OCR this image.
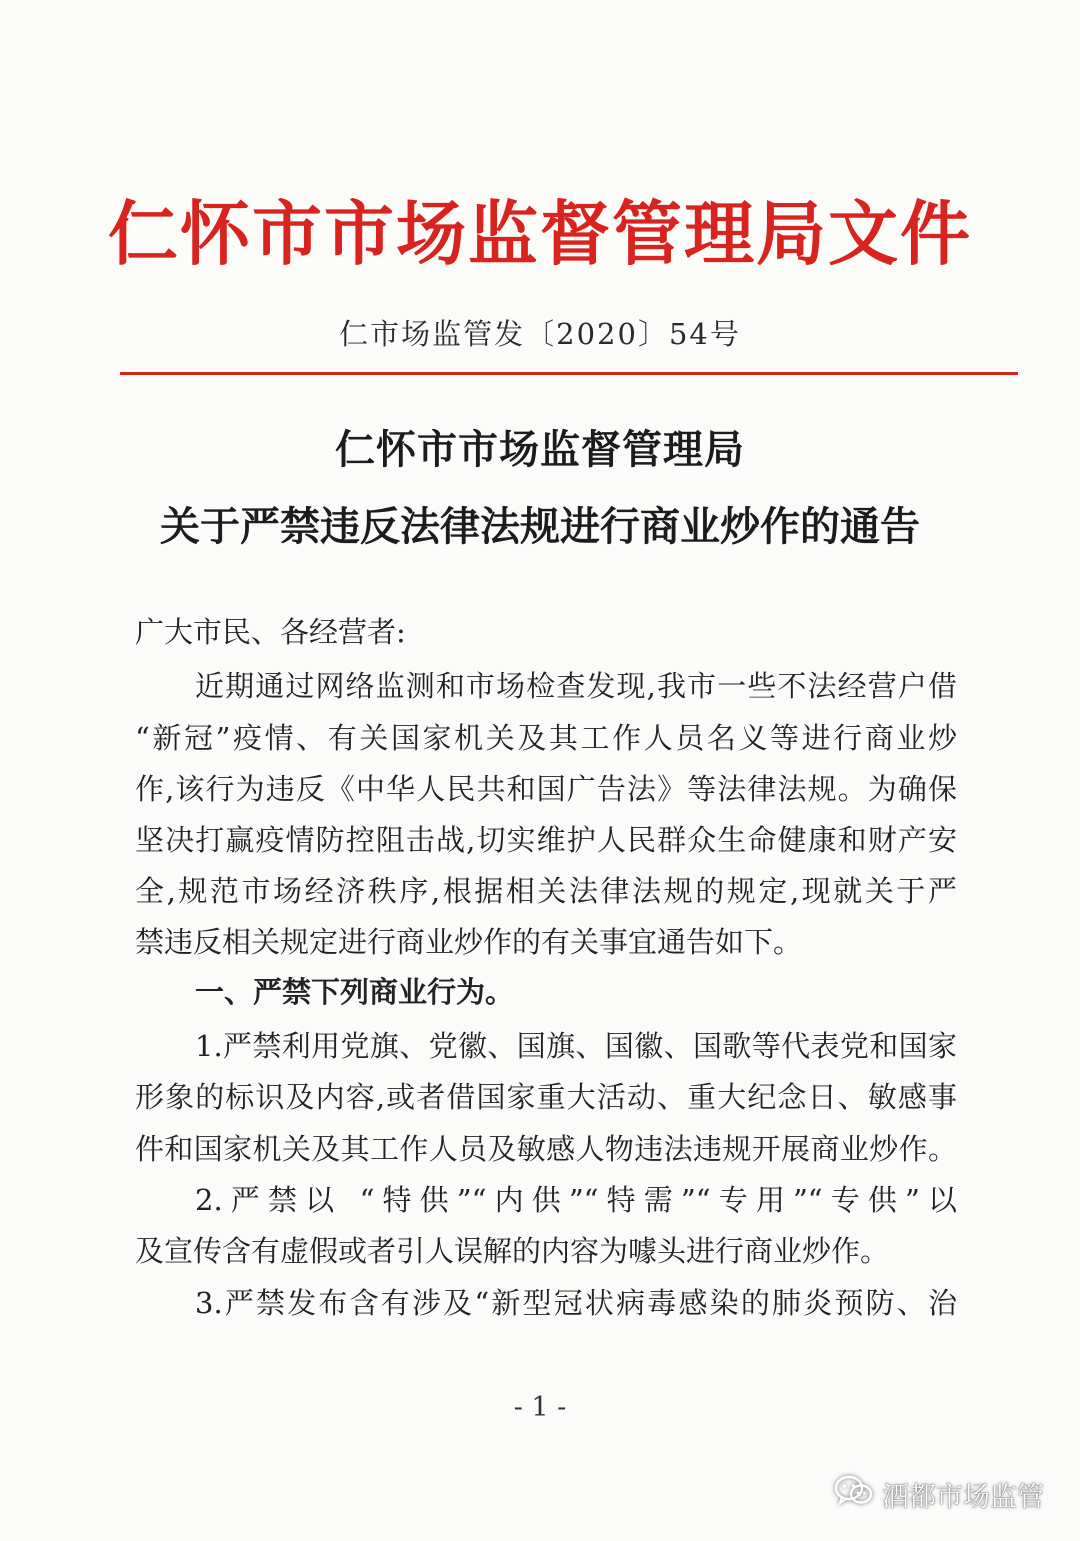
仁怀市市场监督管理局文件
仁市场监管发〔2020〕54号
仁怀市市场监督管理局
关于严禁违反法律法规进行商业炒作的通告
广大市民、各经营者:
近期通过网络监测和市场检查发现,我市一些不法经营户借
“新冠”疫情、有关国家机关及其工作人员名义等进行商业炒
作,该行为违反《中华人民共和国广告法》等法律法规。为确保
坚决打赢疫情防控阻击战,切实维护人民群众生命健康和财产安
全,规范市场经济秩序,根据相关法律法规的规定,现就关于严
禁违反相关规定进行商业炒作的有关事宜通告如下。
一、严禁下列商业行为。
1.严禁利用党旗、党徽、国旗、国徽、国歌等代表党和国家
形象的标识及内容,或者借国家重大活动、重大纪念日、敏感事
件和国家机关及其工作人员及敏感人物违法违规开展商业炒作。
2.严禁以 “特供”“内供”“特需”“专用”“专供”以
及宣传含有虚假或者引人误解的内容为噱头进行商业炒作。
3.严禁发布含有涉及“新型冠状病毒感染的肺炎预防、治
- 1 -
酒都市场监管
